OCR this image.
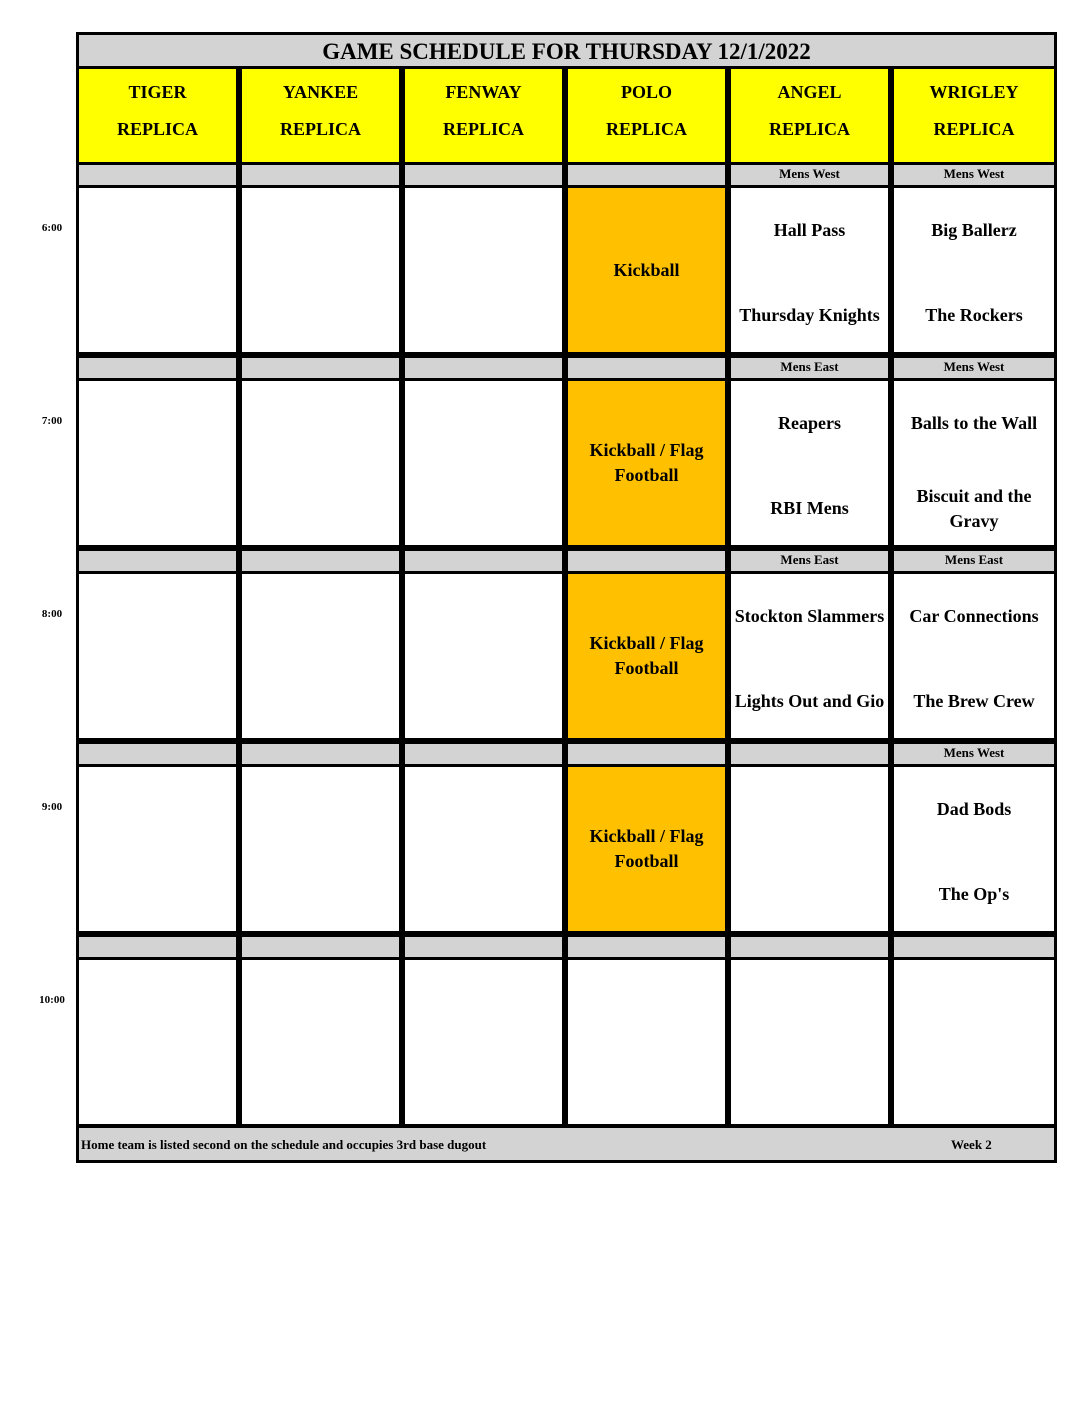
GAME SCHEDULE FOR THURSDAY 12/1/2022
TIGER
REPLICA
YANKEE
REPLICA
FENWAY
REPLICA
POLO
REPLICA
ANGEL
REPLICA
WRIGLEY
REPLICA
Kickball
Mens West
Hall Pass
Thursday Knights
Mens West
Big Ballerz
The Rockers
Kickball / Flag Football
Mens East
Reapers
RBI Mens
Mens West
Balls to the Wall
Biscuit and the Gravy
Kickball / Flag Football
Mens East
Stockton Slammers
Lights Out and Gio
Mens East
Car Connections
The Brew Crew
Kickball / Flag Football
Mens West
Dad Bods
The Op's
Home team is listed second on the schedule and occupies 3rd base dugout	Week 2
6:00
7:00
8:00
9:00
10:00
